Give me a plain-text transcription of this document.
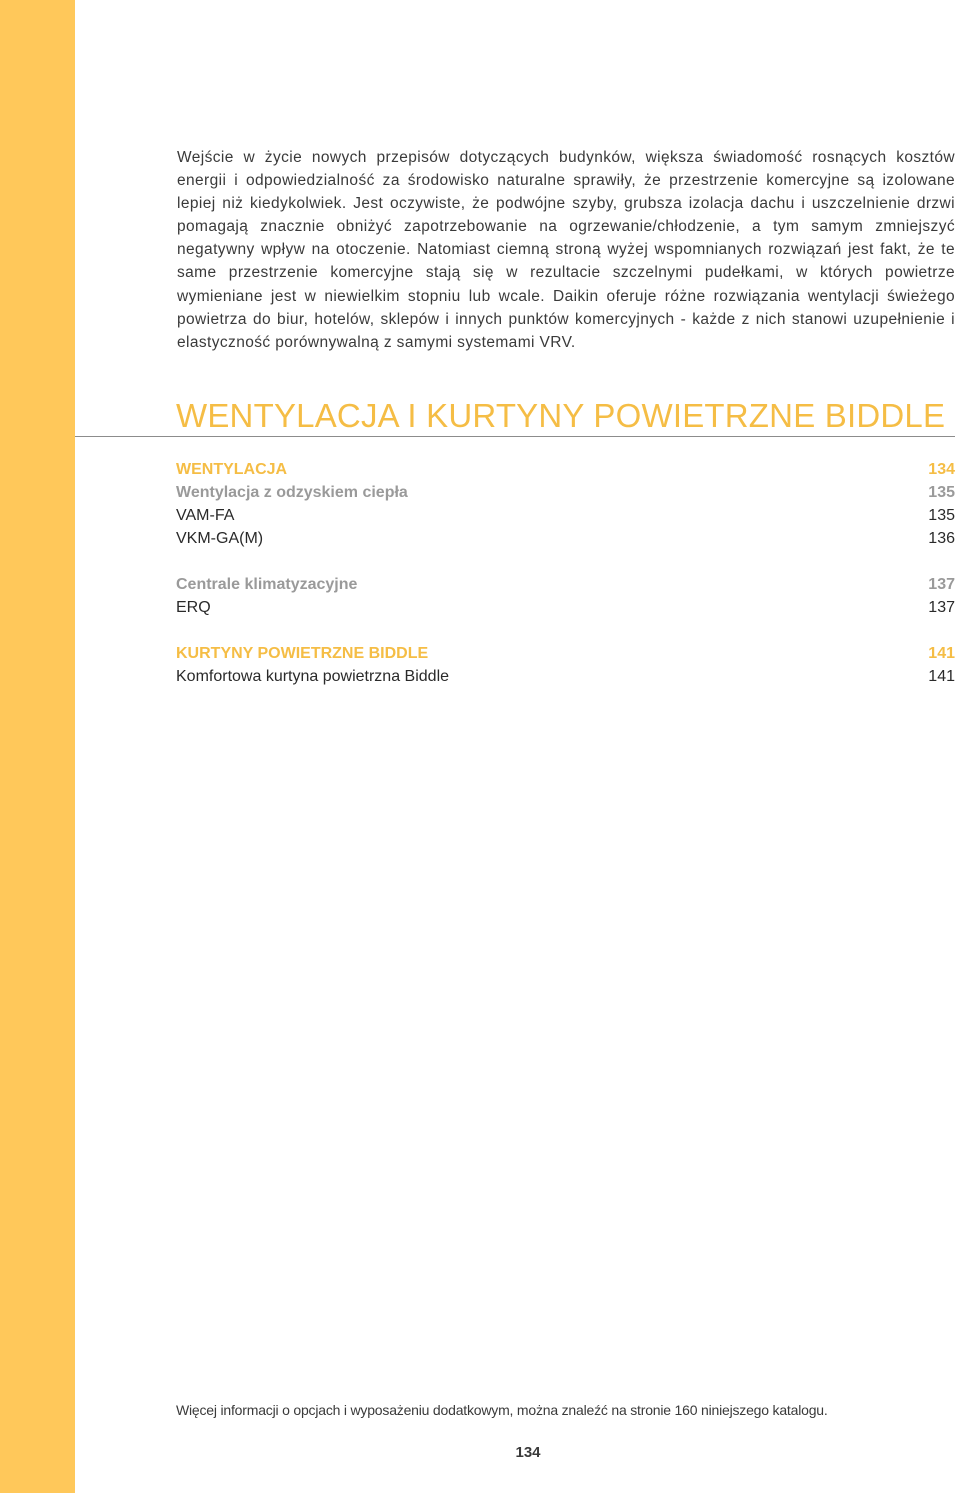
Wejście w życie nowych przepisów dotyczących budynków, większa świadomość rosnących kosztów energii i odpowiedzialność za środowisko naturalne sprawiły, że przestrzenie komercyjne są izolowane lepiej niż kiedykolwiek. Jest oczywiste, że podwójne szyby, grubsza izolacja dachu i uszczelnienie drzwi pomagają znacznie obniżyć zapotrzebowanie na ogrzewanie/chłodzenie, a tym samym zmniejszyć negatywny wpływ na otoczenie. Natomiast ciemną stroną wyżej wspomnianych rozwiązań jest fakt, że te same przestrzenie komercyjne stają się w rezultacie szczelnymi pudełkami, w których powietrze wymieniane jest w niewielkim stopniu lub wcale. Daikin oferuje różne rozwiązania wentylacji świeżego powietrza do biur, hotelów, sklepów i innych punktów komercyjnych - każde z nich stanowi uzupełnienie i elastyczność porównywalną z samymi systemami VRV.

WENTYLACJA I KURTYNY POWIETRZNE BIDDLE
WENTYLACJA	134
Wentylacja z odzyskiem ciepła	135
VAM-FA	135
VKM-GA(M)	136
Centrale klimatyzacyjne	137
ERQ	137
KURTYNY POWIETRZNE BIDDLE	141
Komfortowa kurtyna powietrzna Biddle	141
Więcej informacji o opcjach i wyposażeniu dodatkowym, można znaleźć na stronie 160 niniejszego katalogu.
134
